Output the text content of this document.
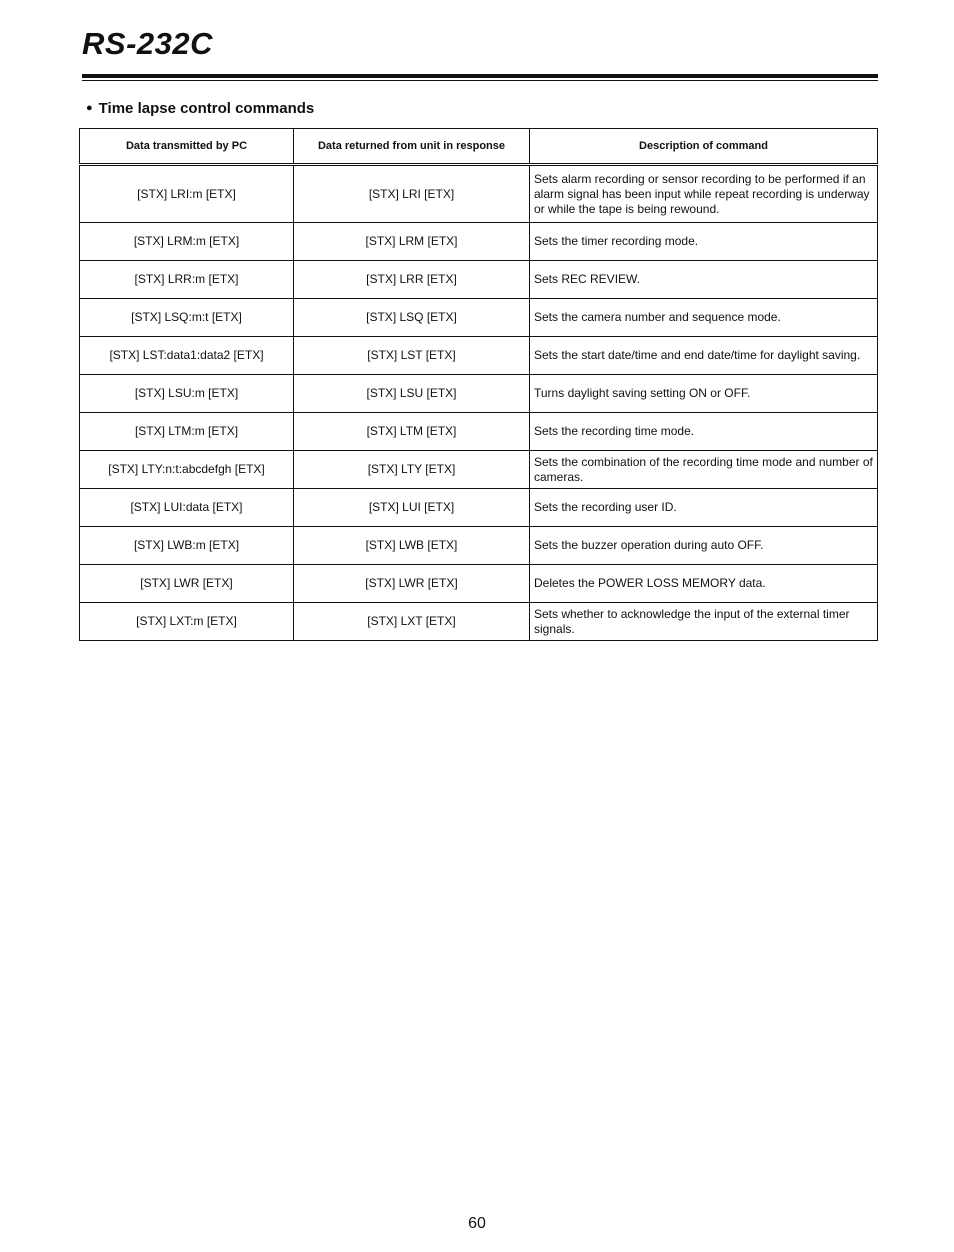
RS-232C
● Time lapse control commands
Data transmitted by PC	Data returned from unit in response	Description of command
[STX] LRI:m [ETX]	[STX] LRI [ETX]	Sets alarm recording or sensor recording to be performed if an alarm signal has been input while repeat recording is underway or while the tape is being rewound.
[STX] LRM:m [ETX]	[STX] LRM [ETX]	Sets the timer recording mode.
[STX] LRR:m [ETX]	[STX] LRR [ETX]	Sets REC REVIEW.
[STX] LSQ:m:t [ETX]	[STX] LSQ [ETX]	Sets the camera number and sequence mode.
[STX] LST:data1:data2 [ETX]	[STX] LST [ETX]	Sets the start date/time and end date/time for daylight saving.
[STX] LSU:m [ETX]	[STX] LSU [ETX]	Turns daylight saving setting ON or OFF.
[STX] LTM:m [ETX]	[STX] LTM [ETX]	Sets the recording time mode.
[STX] LTY:n:t:abcdefgh [ETX]	[STX] LTY [ETX]	Sets the combination of the recording time mode and number of cameras.
[STX] LUI:data [ETX]	[STX] LUI [ETX]	Sets the recording user ID.
[STX] LWB:m [ETX]	[STX] LWB [ETX]	Sets the buzzer operation during auto OFF.
[STX] LWR [ETX]	[STX] LWR [ETX]	Deletes the POWER LOSS MEMORY data.
[STX] LXT:m [ETX]	[STX] LXT [ETX]	Sets whether to acknowledge the input of the external timer signals.
60
